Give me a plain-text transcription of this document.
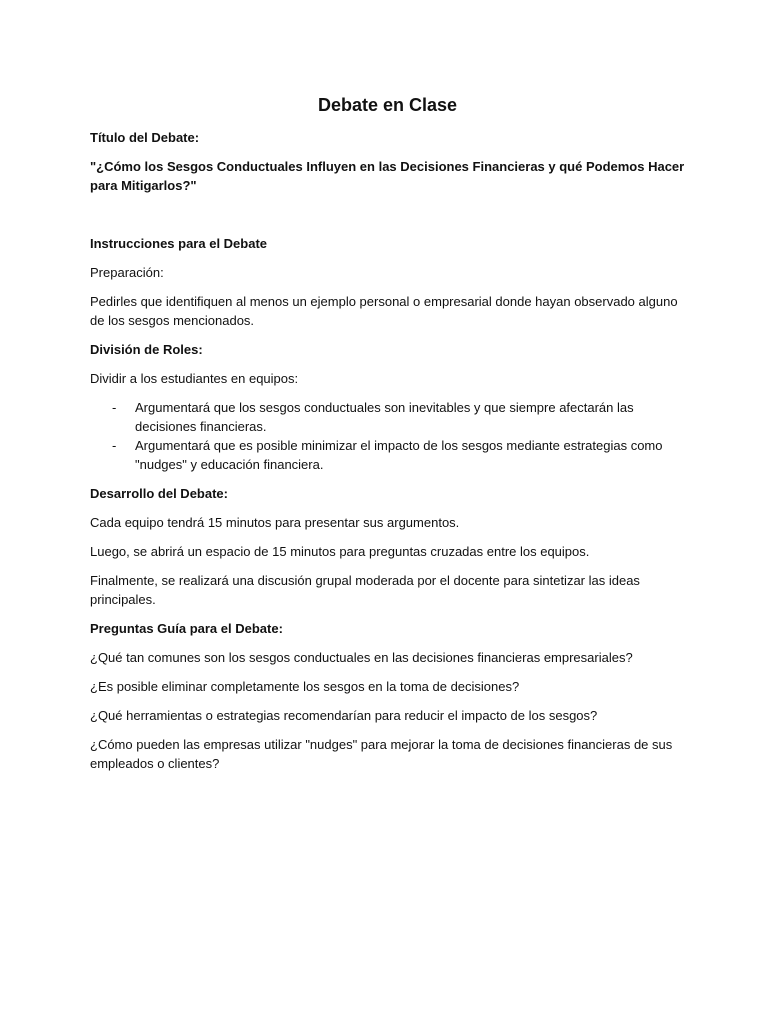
Debate en Clase

Título del Debate:

"¿Cómo los Sesgos Conductuales Influyen en las Decisiones Financieras y qué Podemos Hacer para Mitigarlos?"

Instrucciones para el Debate

Preparación:

Pedirles que identifiquen al menos un ejemplo personal o empresarial donde hayan observado alguno de los sesgos mencionados.

División de Roles:

Dividir a los estudiantes en equipos:

- Argumentará que los sesgos conductuales son inevitables y que siempre afectarán las decisiones financieras.
- Argumentará que es posible minimizar el impacto de los sesgos mediante estrategias como "nudges" y educación financiera.

Desarrollo del Debate:

Cada equipo tendrá 15 minutos para presentar sus argumentos.

Luego, se abrirá un espacio de 15 minutos para preguntas cruzadas entre los equipos.

Finalmente, se realizará una discusión grupal moderada por el docente para sintetizar las ideas principales.

Preguntas Guía para el Debate:

¿Qué tan comunes son los sesgos conductuales en las decisiones financieras empresariales?

¿Es posible eliminar completamente los sesgos en la toma de decisiones?

¿Qué herramientas o estrategias recomendarían para reducir el impacto de los sesgos?

¿Cómo pueden las empresas utilizar "nudges" para mejorar la toma de decisiones financieras de sus empleados o clientes?
